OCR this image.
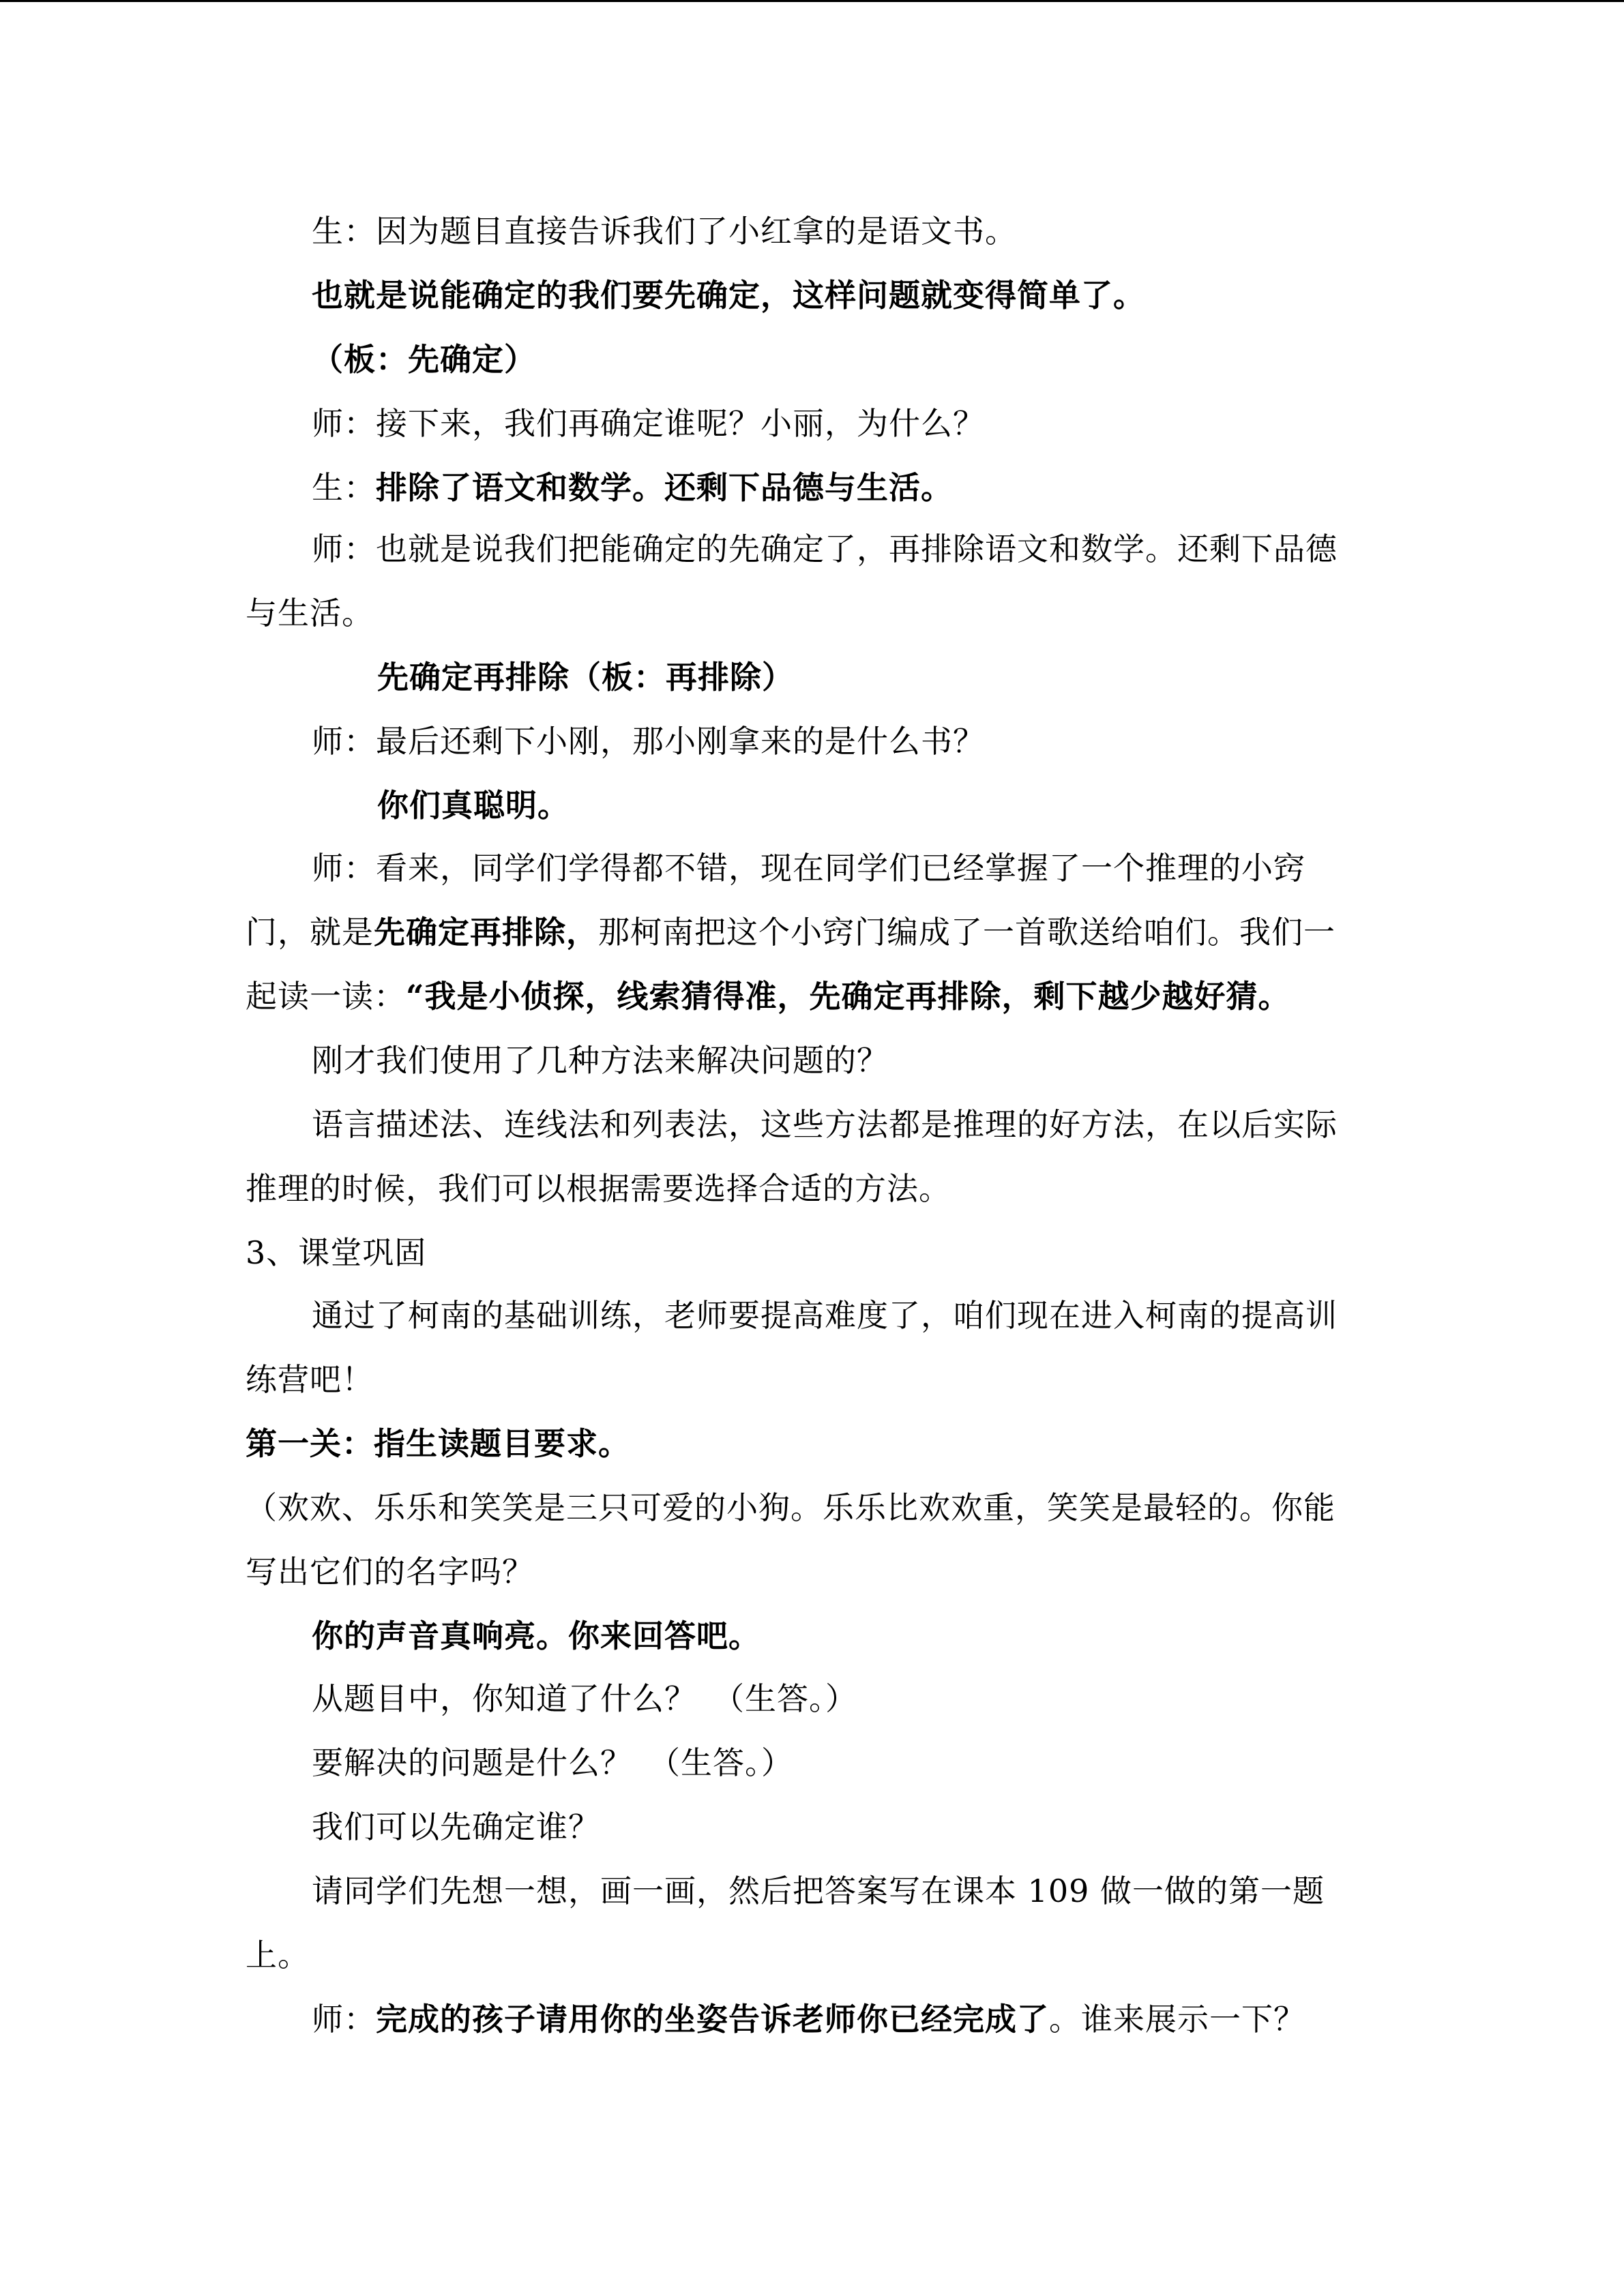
生：因为题目直接告诉我们了小红拿的是语文书。
也就是说能确定的我们要先确定，这样问题就变得简单了。
（板：先确定）
师：接下来，我们再确定谁呢？小丽，为什么？
生：排除了语文和数学。还剩下品德与生活。
师：也就是说我们把能确定的先确定了，再排除语文和数学。还剩下品德
与生活。
先确定再排除（板：再排除）
师：最后还剩下小刚，那小刚拿来的是什么书？
你们真聪明。
师：看来，同学们学得都不错，现在同学们已经掌握了一个推理的小窍
门，就是先确定再排除，那柯南把这个小窍门编成了一首歌送给咱们。我们一
起读一读：“我是小侦探，线索猜得准，先确定再排除，剩下越少越好猜。
刚才我们使用了几种方法来解决问题的？
语言描述法、连线法和列表法，这些方法都是推理的好方法，在以后实际
推理的时候，我们可以根据需要选择合适的方法。
3、课堂巩固
通过了柯南的基础训练，老师要提高难度了，咱们现在进入柯南的提高训
练营吧！
第一关：指生读题目要求。
（欢欢、乐乐和笑笑是三只可爱的小狗。乐乐比欢欢重，笑笑是最轻的。你能
写出它们的名字吗？
你的声音真响亮。你来回答吧。
从题目中，你知道了什么？　（生答。）
要解决的问题是什么？　（生答。）
我们可以先确定谁？
请同学们先想一想，画一画，然后把答案写在课本 109 做一做的第一题
上。
师：完成的孩子请用你的坐姿告诉老师你已经完成了。谁来展示一下？
